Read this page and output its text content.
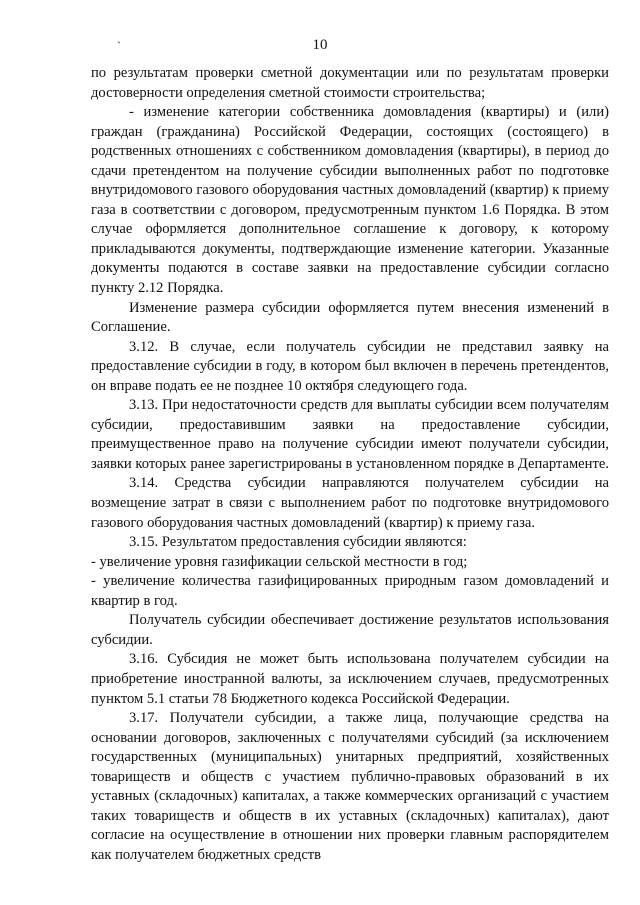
`	10

по результатам проверки сметной документации или по результатам проверки достоверности определения сметной стоимости строительства;

- изменение категории собственника домовладения (квартиры) и (или) граждан (гражданина) Российской Федерации, состоящих (состоящего) в родственных отношениях с собственником домовладения (квартиры), в период до сдачи претендентом на получение субсидии выполненных работ по подготовке внутридомового газового оборудования частных домовладений (квартир) к приему газа в соответствии с договором, предусмотренным пунктом 1.6 Порядка. В этом случае оформляется дополнительное соглашение к договору, к которому прикладываются документы, подтверждающие изменение категории. Указанные документы подаются в составе заявки на предоставление субсидии согласно пункту 2.12 Порядка.

Изменение размера субсидии оформляется путем внесения изменений в Соглашение.

3.12. В случае, если получатель субсидии не представил заявку на предоставление субсидии в году, в котором был включен в перечень претендентов, он вправе подать ее не позднее 10 октября следующего года.

3.13. При недостаточности средств для выплаты субсидии всем получателям субсидии, предоставившим заявки на предоставление субсидии, преимущественное право на получение субсидии имеют получатели субсидии, заявки которых ранее зарегистрированы в установленном порядке в Департаменте.

3.14. Средства субсидии направляются получателем субсидии на возмещение затрат в связи с выполнением работ по подготовке внутридомового газового оборудования частных домовладений (квартир) к приему газа.

3.15. Результатом предоставления субсидии являются:

- увеличение уровня газификации сельской местности в год;

- увеличение количества газифицированных природным газом домовладений и квартир в год.

Получатель субсидии обеспечивает достижение результатов использования субсидии.

3.16. Субсидия не может быть использована получателем субсидии на приобретение иностранной валюты, за исключением случаев, предусмотренных пунктом 5.1 статьи 78 Бюджетного кодекса Российской Федерации.

3.17. Получатели субсидии, а также лица, получающие средства на основании договоров, заключенных с получателями субсидий (за исключением государственных (муниципальных) унитарных предприятий, хозяйственных товариществ и обществ с участием публично-правовых образований в их уставных (складочных) капиталах, а также коммерческих организаций с участием таких товариществ и обществ в их уставных (складочных) капиталах), дают согласие на осуществление в отношении них проверки главным распорядителем как получателем бюджетных средств
